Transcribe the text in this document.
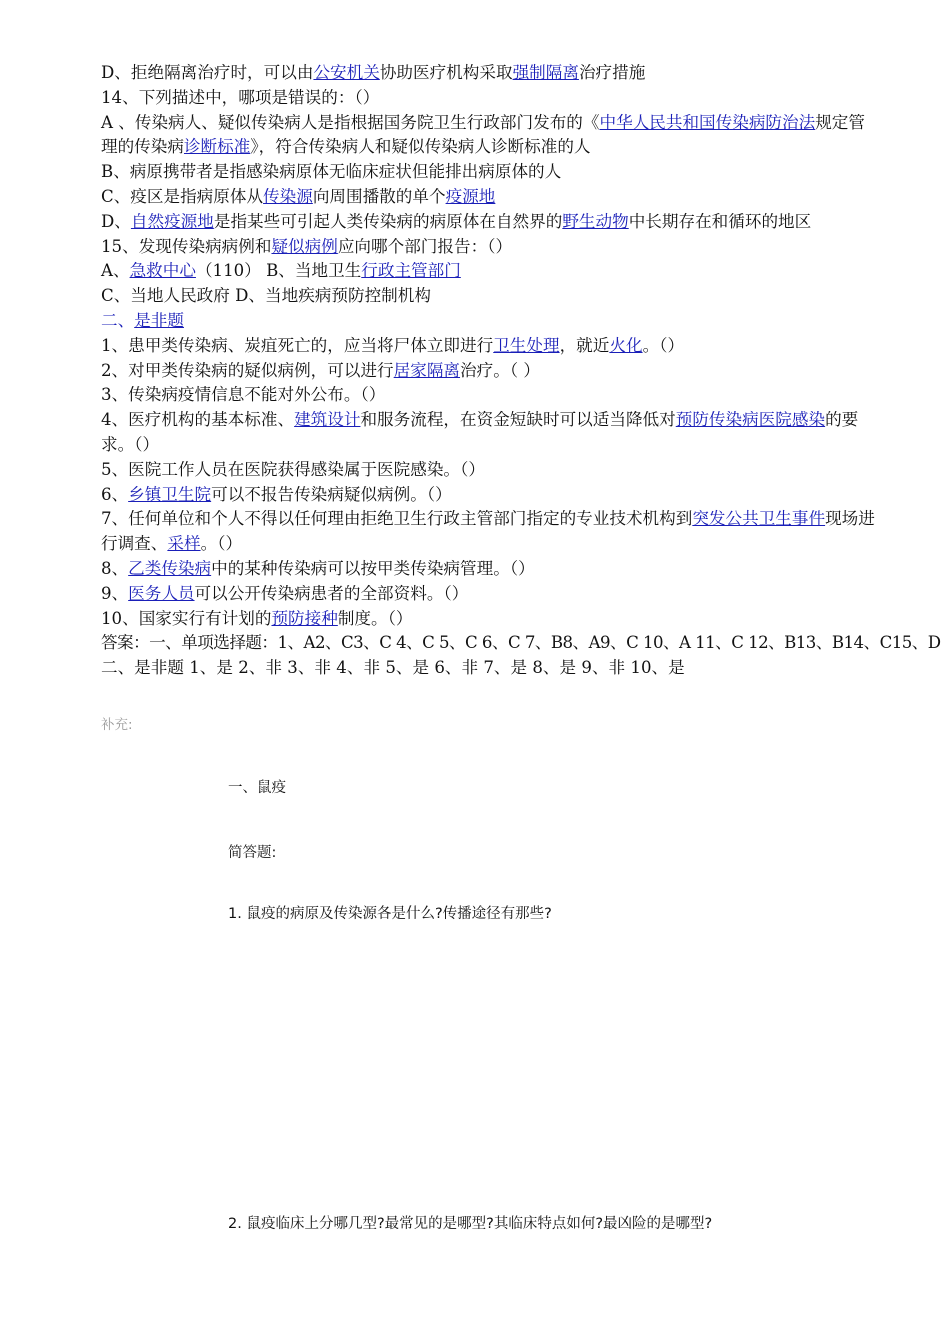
D、拒绝隔离治疗时，可以由公安机关协助医疗机构采取强制隔离治疗措施

14、下列描述中，哪项是错误的：（）

A 、传染病人、疑似传染病人是指根据国务院卫生行政部门发布的《中华人民共和国传染病防治法规定管理的传染病诊断标准》，符合传染病人和疑似传染病人诊断标准的人

B、病原携带者是指感染病原体无临床症状但能排出病原体的人

C、疫区是指病原体从传染源向周围播散的单个疫源地

D、自然疫源地是指某些可引起人类传染病的病原体在自然界的野生动物中长期存在和循环的地区

15、发现传染病病例和疑似病例应向哪个部门报告：（）

A、急救中心（110） B、当地卫生行政主管部门

C、当地人民政府 D、当地疾病预防控制机构

二、是非题

1、患甲类传染病、炭疽死亡的，应当将尸体立即进行卫生处理，就近火化。（）

2、对甲类传染病的疑似病例，可以进行居家隔离治疗。（ ）

3、传染病疫情信息不能对外公布。（）

4、医疗机构的基本标准、建筑设计和服务流程，在资金短缺时可以适当降低对预防传染病医院感染的要求。（）

5、医院工作人员在医院获得感染属于医院感染。（）

6、乡镇卫生院可以不报告传染病疑似病例。（）

7、任何单位和个人不得以任何理由拒绝卫生行政主管部门指定的专业技术机构到突发公共卫生事件现场进行调查、采样。（）

8、乙类传染病中的某种传染病可以按甲类传染病管理。（）

9、医务人员可以公开传染病患者的全部资料。（）

10、国家实行有计划的预防接种制度。（）

答案：一、单项选择题：1、A2、C3、C 4、C 5、C 6、C 7、B8、A9、C 10、A 11、C 12、B13、B14、C15、D

二、是非题 1、是 2、非 3、非 4、非 5、是 6、非 7、是 8、是 9、非 10、是

补充:
一、鼠疫
简答题:
1. 鼠疫的病原及传染源各是什么?传播途径有那些?
2. 鼠疫临床上分哪几型?最常见的是哪型?其临床特点如何?最凶险的是哪型?
